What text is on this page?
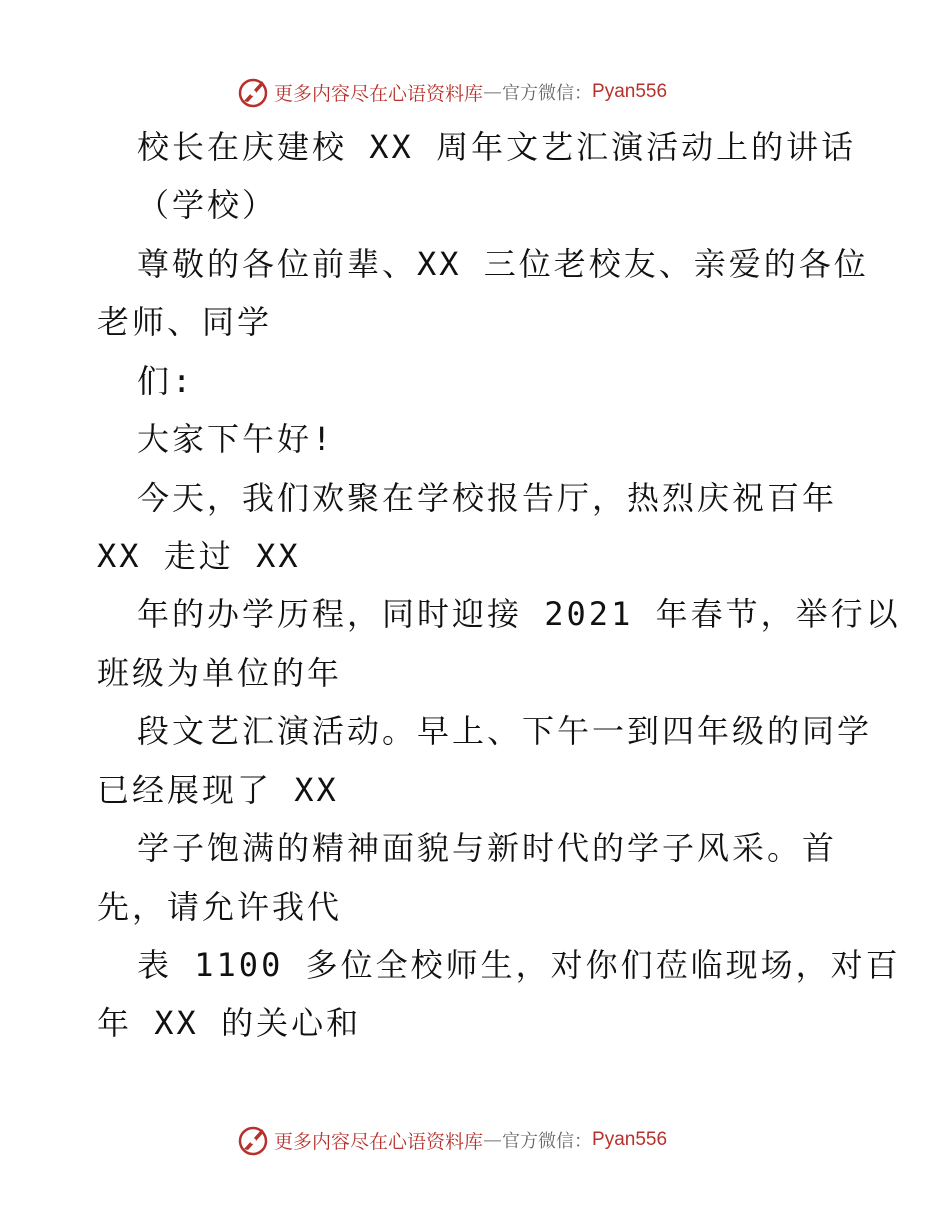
更多内容尽在心语资料库 — 官方微信： Pyan556
校长在庆建校 XX 周年文艺汇演活动上的讲话
（学校）
尊敬的各位前辈、XX 三位老校友、亲爱的各位
老师、同学
们:
大家下午好!
今天，我们欢聚在学校报告厅，热烈庆祝百年
XX 走过 XX
年的办学历程，同时迎接 2021 年春节，举行以
班级为单位的年
段文艺汇演活动。早上、下午一到四年级的同学
已经展现了 XX
学子饱满的精神面貌与新时代的学子风采。首
先，请允许我代
表 1100 多位全校师生，对你们莅临现场，对百
年 XX 的关心和
更多内容尽在心语资料库 — 官方微信： Pyan556
